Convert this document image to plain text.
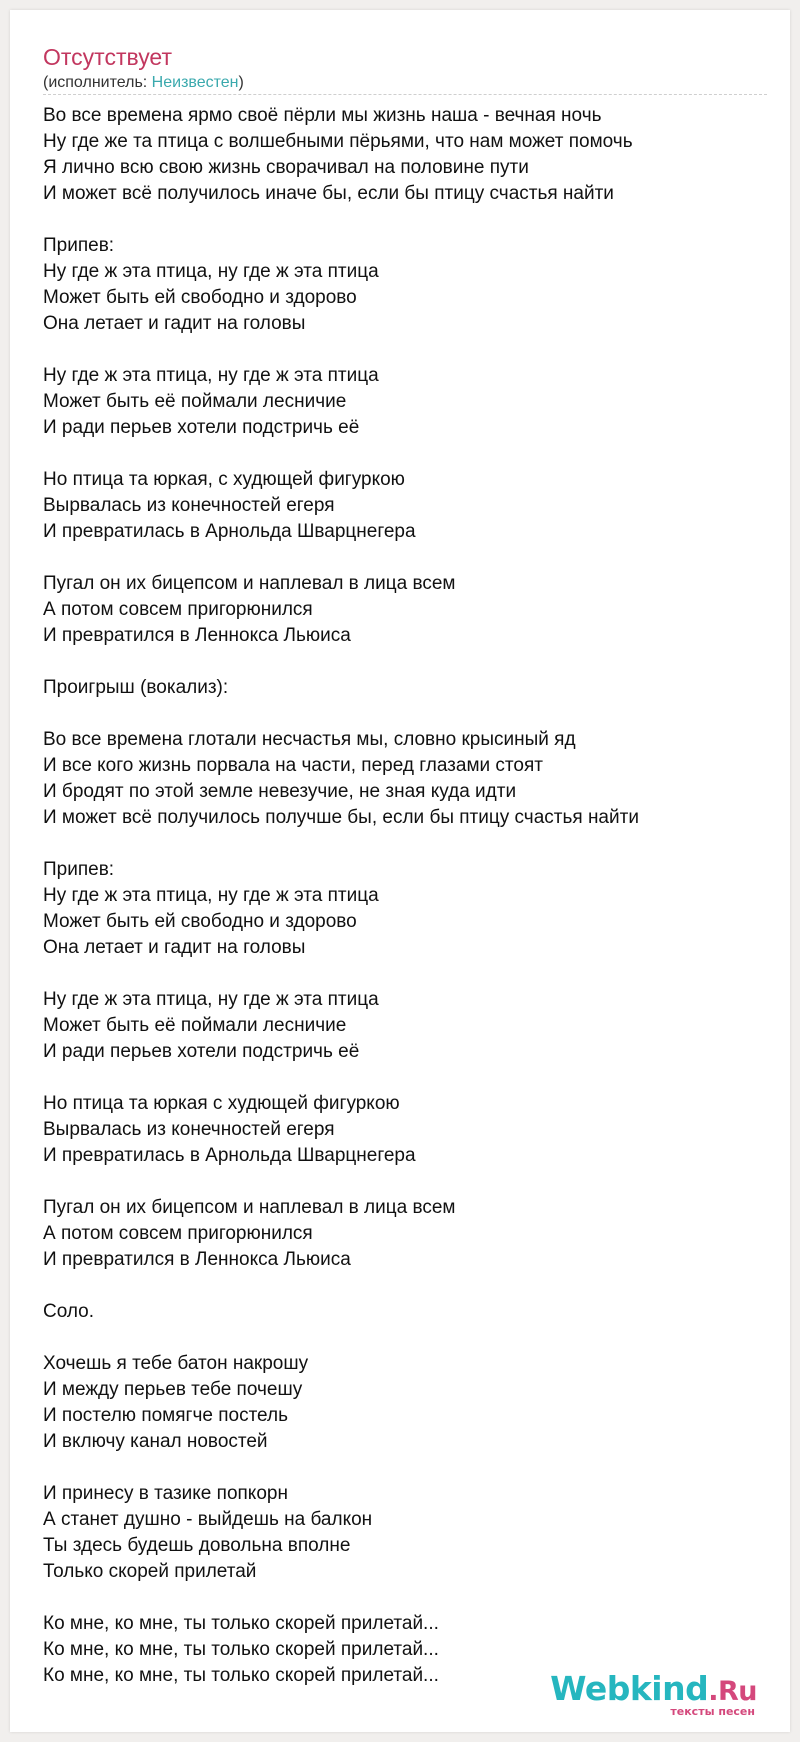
Отсутствует
(исполнитель: Неизвестен)
Во все времена ярмо своё пёрли мы жизнь наша - вечная ночь
Ну где же та птица с волшебными пёрьями, что нам может помочь
Я лично всю свою жизнь сворачивал на половине пути
И может всё получилось иначе бы, если бы птицу счастья найти

Припев:
Ну где ж эта птица, ну где ж эта птица
Может быть ей свободно и здорово
Она летает и гадит на головы

Ну где ж эта птица, ну где ж эта птица
Может быть её поймали лесничие
И ради перьев хотели подстричь её

Но птица та юркая, с худющей фигуркою
Вырвалась из конечностей егеря
И превратилась в Арнольда Шварцнегера

Пугал он их бицепсом и наплевал в лица всем
А потом совсем пригорюнился
И превратился в Леннокса Льюиса

Проигрыш (вокализ):

Во все времена глотали несчастья мы, словно крысиный яд
И все кого жизнь порвала на части, перед глазами стоят
И бродят по этой земле невезучие, не зная куда идти
И может всё получилось получше бы, если бы птицу счастья найти

Припев:
Ну где ж эта птица, ну где ж эта птица
Может быть ей свободно и здорово
Она летает и гадит на головы

Ну где ж эта птица, ну где ж эта птица
Может быть её поймали лесничие
И ради перьев хотели подстричь её

Но птица та юркая с худющей фигуркою
Вырвалась из конечностей егеря
И превратилась в Арнольда Шварцнегера

Пугал он их бицепсом и наплевал в лица всем
А потом совсем пригорюнился
И превратился в Леннокса Льюиса

Соло.

Хочешь я тебе батон накрошу
И между перьев тебе почешу
И постелю помягче постель
И включу канал новостей

И принесу в тазике попкорн
А станет душно - выйдешь на балкон
Ты здесь будешь довольна вполне
Только скорей прилетай

Ко мне, ко мне, ты только скорей прилетай...
Ко мне, ко мне, ты только скорей прилетай...
Ко мне, ко мне, ты только скорей прилетай...	Webkind.Ru
тексты песен
